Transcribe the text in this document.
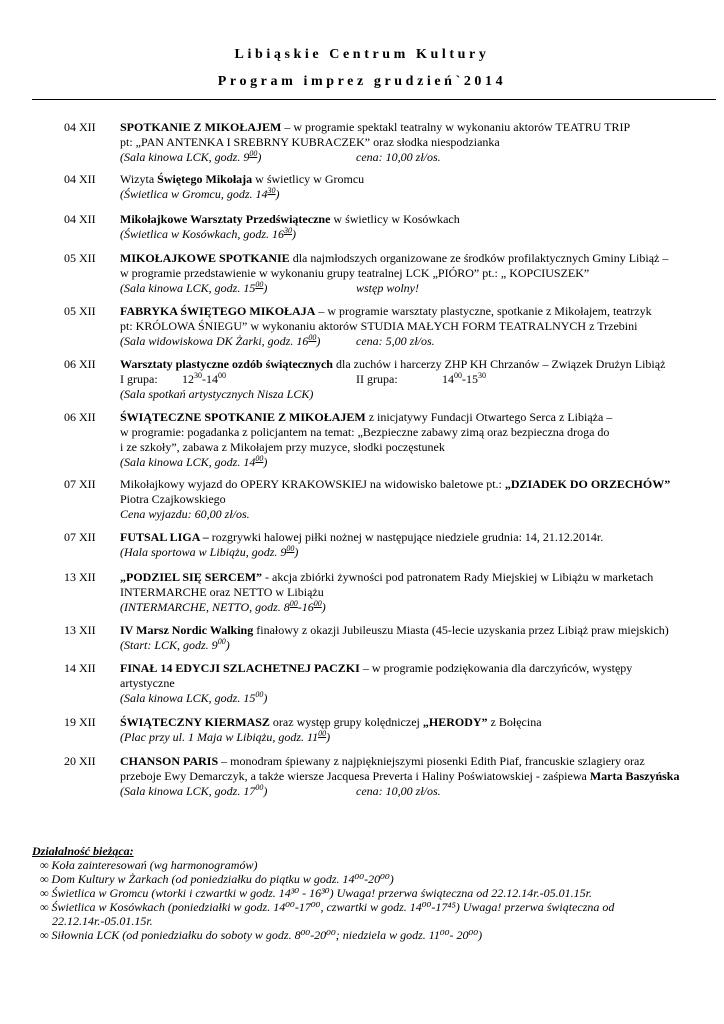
Libiąskie Centrum Kultury
Program imprez grudzień`2014
04 XII	SPOTKANIE Z MIKOŁAJEM – w programie spektakl teatralny w wykonaniu aktorów TEATRU TRIP
pt: „PAN ANTENKA I SREBRNY KUBRACZEK” oraz słodka niespodzianka
(Sala kinowa LCK, godz. $9^{00}$)	cena: 10,00 zł/os.
04 XII	Wizyta Świętego Mikołaja w świetlicy w Gromcu
(Świetlica w Gromcu, godz. $14^{30}$)
04 XII	Mikołajkowe Warsztaty Przedświąteczne w świetlicy w Kosówkach
(Świetlica w Kosówkach, godz. $16^{30}$)
05 XII	MIKOŁAJKOWE SPOTKANIE dla najmłodszych organizowane ze środków profilaktycznych Gminy Libiąż –
w programie przedstawienie w wykonaniu grupy teatralnej LCK „PIÓRO” pt.: „ KOPCIUSZEK”
(Sala kinowa LCK, godz. $15^{00}$)	wstęp wolny!
05 XII	FABRYKA ŚWIĘTEGO MIKOŁAJA – w programie warsztaty plastyczne, spotkanie z Mikołajem, teatrzyk
pt: KRÓLOWA ŚNIEGU” w wykonaniu aktorów STUDIA MAŁYCH FORM TEATRALNYCH z Trzebini
(Sala widowiskowa DK Żarki, godz. $16^{00}$)	cena: 5,00 zł/os.
06 XII	Warsztaty plastyczne ozdób świątecznych dla zuchów i harcerzy ZHP KH Chrzanów – Związek Drużyn Libiąż
I grupa: $12^{30}-14^{00}$	II grupa:	$14^{00}-15^{30}$
(Sala spotkań artystycznych Nisza LCK)
06 XII	ŚWIĄTECZNE SPOTKANIE Z MIKOŁAJEM z inicjatywy Fundacji Otwartego Serca z Libiąża –
w programie: pogadanka z policjantem na temat: „Bezpieczne zabawy zimą oraz bezpieczna droga do
i ze szkoły”, zabawa z Mikołajem przy muzyce, słodki poczęstunek
(Sala kinowa LCK, godz. $14^{00}$)
07 XII	Mikołajkowy wyjazd do OPERY KRAKOWSKIEJ na widowisko baletowe pt.: „DZIADEK DO ORZECHÓW”
Piotra Czajkowskiego
Cena wyjazdu: 60,00 zł/os.
07 XII	FUTSAL LIGA – rozgrywki halowej piłki nożnej w następujące niedziele grudnia: 14, 21.12.2014r.
(Hala sportowa w Libiążu, godz. $9^{00}$)
13 XII	„PODZIEL SIĘ SERCEM” - akcja zbiórki żywności pod patronatem Rady Miejskiej w Libiążu w marketach
INTERMARCHE oraz NETTO w Libiążu
(INTERMARCHE, NETTO, godz. $8^{00}-16^{00}$)
13 XII	IV Marsz Nordic Walking finałowy z okazji Jubileuszu Miasta (45-lecie uzyskania przez Libiąż praw miejskich)
(Start: LCK, godz. $9^{00}$)
14 XII	FINAŁ 14 EDYCJI SZLACHETNEJ PACZKI – w programie podziękowania dla darczyńców, występy
artystyczne
(Sala kinowa LCK, godz. $15^{00}$)
19 XII	ŚWIĄTECZNY KIERMASZ oraz występ grupy kolędniczej „HERODY” z Bołęcina
(Plac przy ul. 1 Maja w Libiążu, godz. $11^{00}$)
20 XII	CHANSON PARIS – monodram śpiewany z najpiękniejszymi piosenki Edith Piaf, francuskie szlagiery oraz
przeboje Ewy Demarczyk, a także wiersze Jacquesa Preverta i Haliny Poświatowskiej - zaśpiewa Marta Baszyńska
(Sala kinowa LCK, godz. $17^{00}$)	cena: 10,00 zł/os.
Działalność bieżąca:
∞ Koła zainteresowań (wg harmonogramów)
∞ Dom Kultury w Żarkach (od poniedziałku do piątku w godz. 14⁰⁰-20⁰⁰)
∞ Świetlica w Gromcu (wtorki i czwartki w godz. 14³⁰ - 16³⁰) Uwaga! przerwa świąteczna od 22.12.14r.-05.01.15r.
∞ Świetlica w Kosówkach (poniedziałki w godz. 14⁰⁰-17⁰⁰, czwartki w godz. 14⁰⁰-17⁴⁵) Uwaga! przerwa świąteczna od 22.12.14r.-05.01.15r.
∞ Siłownia LCK (od poniedziałku do soboty w godz. 8⁰⁰-20⁰⁰; niedziela w godz. 11⁰⁰- 20⁰⁰)
